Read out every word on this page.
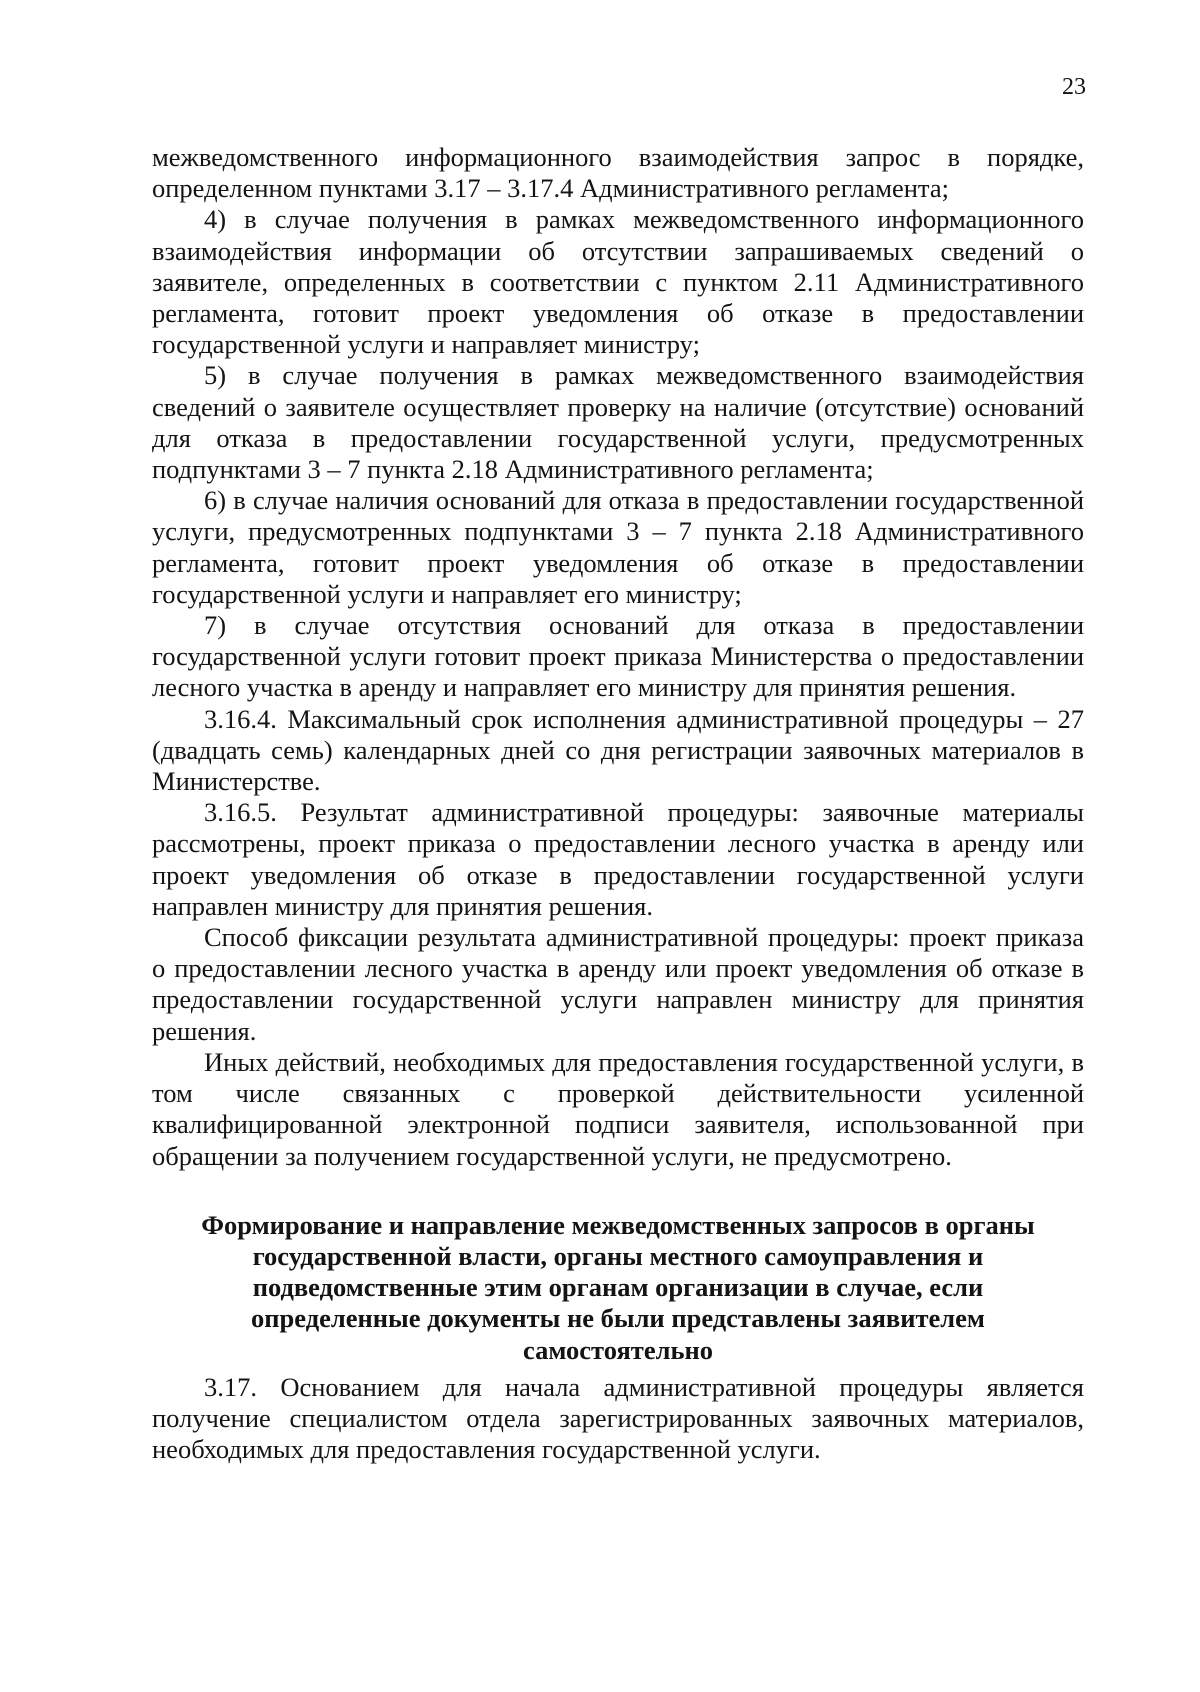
23

межведомственного информационного взаимодействия запрос в порядке, определенном пунктами 3.17 – 3.17.4 Административного регламента;

4) в случае получения в рамках межведомственного информационного взаимодействия информации об отсутствии запрашиваемых сведений о заявителе, определенных в соответствии с пунктом 2.11 Административного регламента, готовит проект уведомления об отказе в предоставлении государственной услуги и направляет министру;

5) в случае получения в рамках межведомственного взаимодействия сведений о заявителе осуществляет проверку на наличие (отсутствие) оснований для отказа в предоставлении государственной услуги, предусмотренных подпунктами 3 – 7 пункта 2.18 Административного регламента;

6) в случае наличия оснований для отказа в предоставлении государственной услуги, предусмотренных подпунктами 3 – 7 пункта 2.18 Административного регламента, готовит проект уведомления об отказе в предоставлении государственной услуги и направляет его министру;

7) в случае отсутствия оснований для отказа в предоставлении государственной услуги готовит проект приказа Министерства о предоставлении лесного участка в аренду и направляет его министру для принятия решения.

3.16.4. Максимальный срок исполнения административной процедуры – 27 (двадцать семь) календарных дней со дня регистрации заявочных материалов в Министерстве.

3.16.5. Результат административной процедуры: заявочные материалы рассмотрены, проект приказа о предоставлении лесного участка в аренду или проект уведомления об отказе в предоставлении государственной услуги направлен министру для принятия решения.

Способ фиксации результата административной процедуры: проект приказа о предоставлении лесного участка в аренду или проект уведомления об отказе в предоставлении государственной услуги направлен министру для принятия решения.

Иных действий, необходимых для предоставления государственной услуги, в том числе связанных с проверкой действительности усиленной квалифицированной электронной подписи заявителя, использованной при обращении за получением государственной услуги, не предусмотрено.

Формирование и направление межведомственных запросов в органы
государственной власти, органы местного самоуправления и
подведомственные этим органам организации в случае, если
определенные документы не были представлены заявителем
самостоятельно

3.17. Основанием для начала административной процедуры является получение специалистом отдела зарегистрированных заявочных материалов, необходимых для предоставления государственной услуги.
